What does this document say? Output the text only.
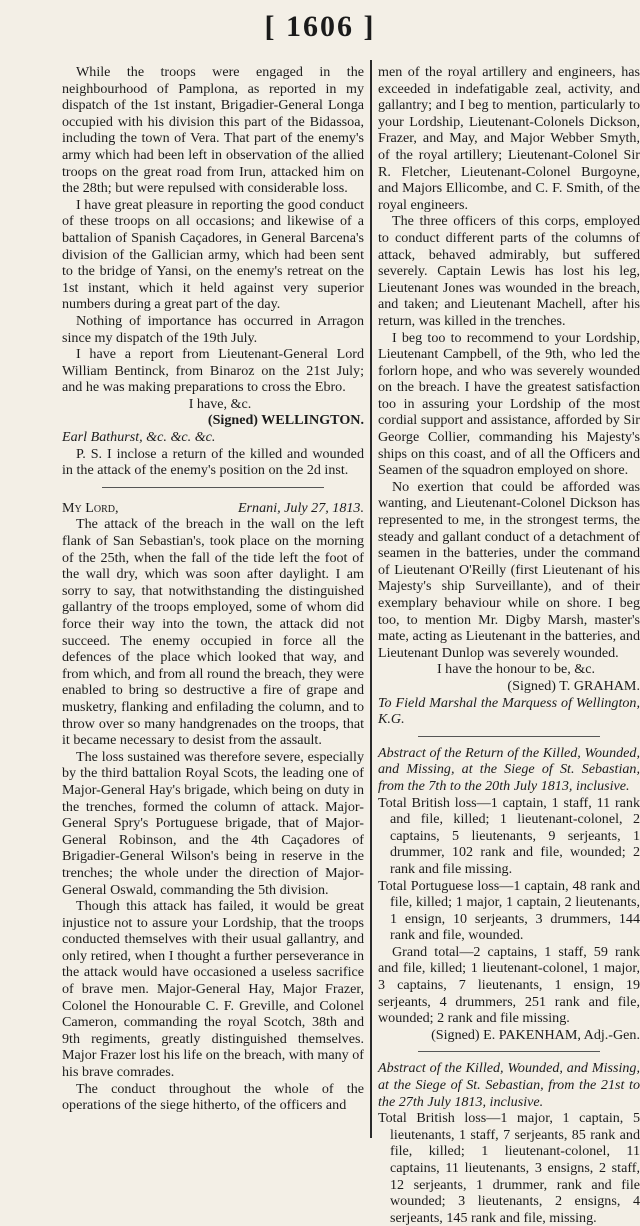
[ 1606 ]

While the troops were engaged in the neighbourhood of Pamplona, as reported in my dispatch of the 1st instant, Brigadier-General Longa occupied with his division this part of the Bidassoa, including the town of Vera. That part of the enemy's army which had been left in observation of the allied troops on the great road from Irun, attacked him on the 28th; but were repulsed with considerable loss.

I have great pleasure in reporting the good conduct of these troops on all occasions; and likewise of a battalion of Spanish Caçadores, in General Barcena's division of the Gallician army, which had been sent to the bridge of Yansi, on the enemy's retreat on the 1st instant, which it held against very superior numbers during a great part of the day.

Nothing of importance has occurred in Arragon since my dispatch of the 19th July.

I have a report from Lieutenant-General Lord William Bentinck, from Binaroz on the 21st July; and he was making preparations to cross the Ebro.

I have, &c.

(Signed) WELLINGTON.

Earl Bathurst, &c. &c. &c.

P. S. I inclose a return of the killed and wounded in the attack of the enemy's position on the 2d inst.

My Lord,	Ernani, July 27, 1813.

The attack of the breach in the wall on the left flank of San Sebastian's, took place on the morning of the 25th, when the fall of the tide left the foot of the wall dry, which was soon after daylight. I am sorry to say, that notwithstanding the distinguished gallantry of the troops employed, some of whom did force their way into the town, the attack did not succeed. The enemy occupied in force all the defences of the place which looked that way, and from which, and from all round the breach, they were enabled to bring so destructive a fire of grape and musketry, flanking and enfilading the column, and to throw over so many handgrenades on the troops, that it became necessary to desist from the assault.

The loss sustained was therefore severe, especially by the third battalion Royal Scots, the leading one of Major-General Hay's brigade, which being on duty in the trenches, formed the column of attack. Major-General Spry's Portuguese brigade, that of Major-General Robinson, and the 4th Caçadores of Brigadier-General Wilson's being in reserve in the trenches; the whole under the direction of Major-General Oswald, commanding the 5th division.

Though this attack has failed, it would be great injustice not to assure your Lordship, that the troops conducted themselves with their usual gallantry, and only retired, when I thought a further perseverance in the attack would have occasioned a useless sacrifice of brave men. Major-General Hay, Major Frazer, Colonel the Honourable C. F. Greville, and Colonel Cameron, commanding the royal Scotch, 38th and 9th regiments, greatly distinguished themselves. Major Frazer lost his life on the breach, with many of his brave comrades.

The conduct throughout the whole of the operations of the siege hitherto, of the officers and

men of the royal artillery and engineers, has exceeded in indefatigable zeal, activity, and gallantry; and I beg to mention, particularly to your Lordship, Lieutenant-Colonels Dickson, Frazer, and May, and Major Webber Smyth, of the royal artillery; Lieutenant-Colonel Sir R. Fletcher, Lieutenant-Colonel Burgoyne, and Majors Ellicombe, and C. F. Smith, of the royal engineers.

The three officers of this corps, employed to conduct different parts of the columns of attack, behaved admirably, but suffered severely. Captain Lewis has lost his leg, Lieutenant Jones was wounded in the breach, and taken; and Lieutenant Machell, after his return, was killed in the trenches.

I beg too to recommend to your Lordship, Lieutenant Campbell, of the 9th, who led the forlorn hope, and who was severely wounded on the breach. I have the greatest satisfaction too in assuring your Lordship of the most cordial support and assistance, afforded by Sir George Collier, commanding his Majesty's ships on this coast, and of all the Officers and Seamen of the squadron employed on shore.

No exertion that could be afforded was wanting, and Lieutenant-Colonel Dickson has represented to me, in the strongest terms, the steady and gallant conduct of a detachment of seamen in the batteries, under the command of Lieutenant O'Reilly (first Lieutenant of his Majesty's ship Surveillante), and of their exemplary behaviour while on shore. I beg too, to mention Mr. Digby Marsh, master's mate, acting as Lieutenant in the batteries, and Lieutenant Dunlop was severely wounded.

I have the honour to be, &c.

(Signed) T. GRAHAM.

To Field Marshal the Marquess of Wellington, K.G.

Abstract of the Return of the Killed, Wounded, and Missing, at the Siege of St. Sebastian, from the 7th to the 20th July 1813, inclusive.

Total British loss—1 captain, 1 staff, 11 rank and file, killed; 1 lieutenant-colonel, 2 captains, 5 lieutenants, 9 serjeants, 1 drummer, 102 rank and file, wounded; 2 rank and file missing.

Total Portuguese loss—1 captain, 48 rank and file, killed; 1 major, 1 captain, 2 lieutenants, 1 ensign, 10 serjeants, 3 drummers, 144 rank and file, wounded.

Grand total—2 captains, 1 staff, 59 rank and file, killed; 1 lieutenant-colonel, 1 major, 3 captains, 7 lieutenants, 1 ensign, 19 serjeants, 4 drummers, 251 rank and file, wounded; 2 rank and file missing.

(Signed) E. PAKENHAM, Adj.-Gen.

Abstract of the Killed, Wounded, and Missing, at the Siege of St. Sebastian, from the 21st to the 27th July 1813, inclusive.

Total British loss—1 major, 1 captain, 5 lieutenants, 1 staff, 7 serjeants, 85 rank and file, killed; 1 lieutenant-colonel, 11 captains, 11 lieutenants, 3 ensigns, 2 staff, 12 serjeants, 1 drummer, rank and file wounded; 3 lieutenants, 2 ensigns, 4 serjeants, 145 rank and file, missing.
